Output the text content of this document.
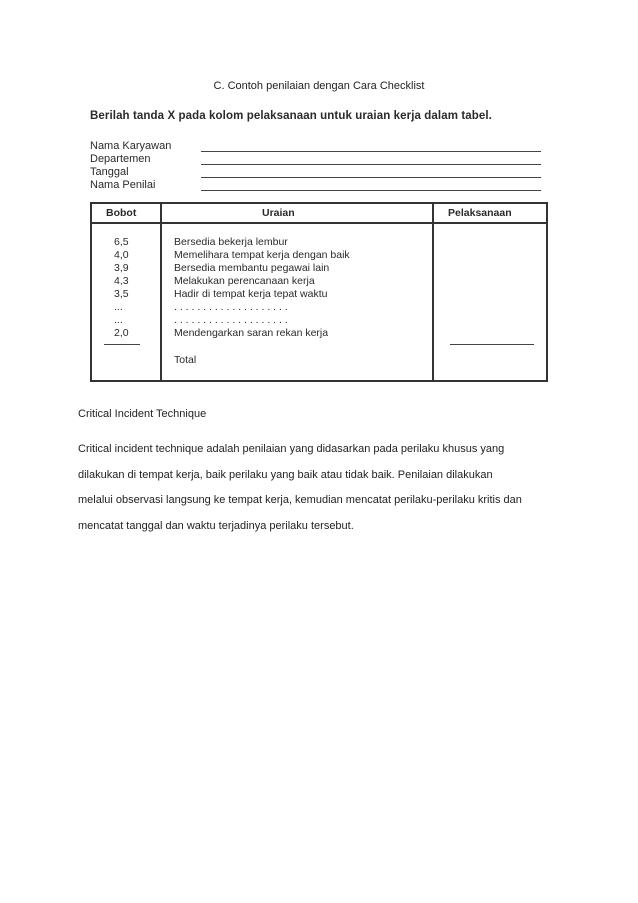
C. Contoh penilaian dengan Cara Checklist
Berilah tanda X pada kolom pelaksanaan untuk uraian kerja dalam tabel.
Nama Karyawan
Departemen
Tanggal
Nama Penilai
Bobot	Uraian	Pelaksanaan
6,5	Bersedia bekerja lembur
4,0	Memelihara tempat kerja dengan baik
3,9	Bersedia membantu pegawai lain
4,3	Melakukan perencanaan kerja
3,5	Hadir di tempat kerja tepat waktu
...	. . . . . . . . . . . . . . . . . . . .
...	. . . . . . . . . . . . . . . . . . . .
2,0	Mendengarkan saran rekan kerja
Total
Critical Incident Technique
Critical incident technique adalah penilaian yang didasarkan pada perilaku khusus yang
dilakukan di tempat kerja, baik perilaku yang baik atau tidak baik. Penilaian dilakukan
melalui observasi langsung ke tempat kerja, kemudian mencatat perilaku-perilaku kritis dan
mencatat tanggal dan waktu terjadinya perilaku tersebut.
